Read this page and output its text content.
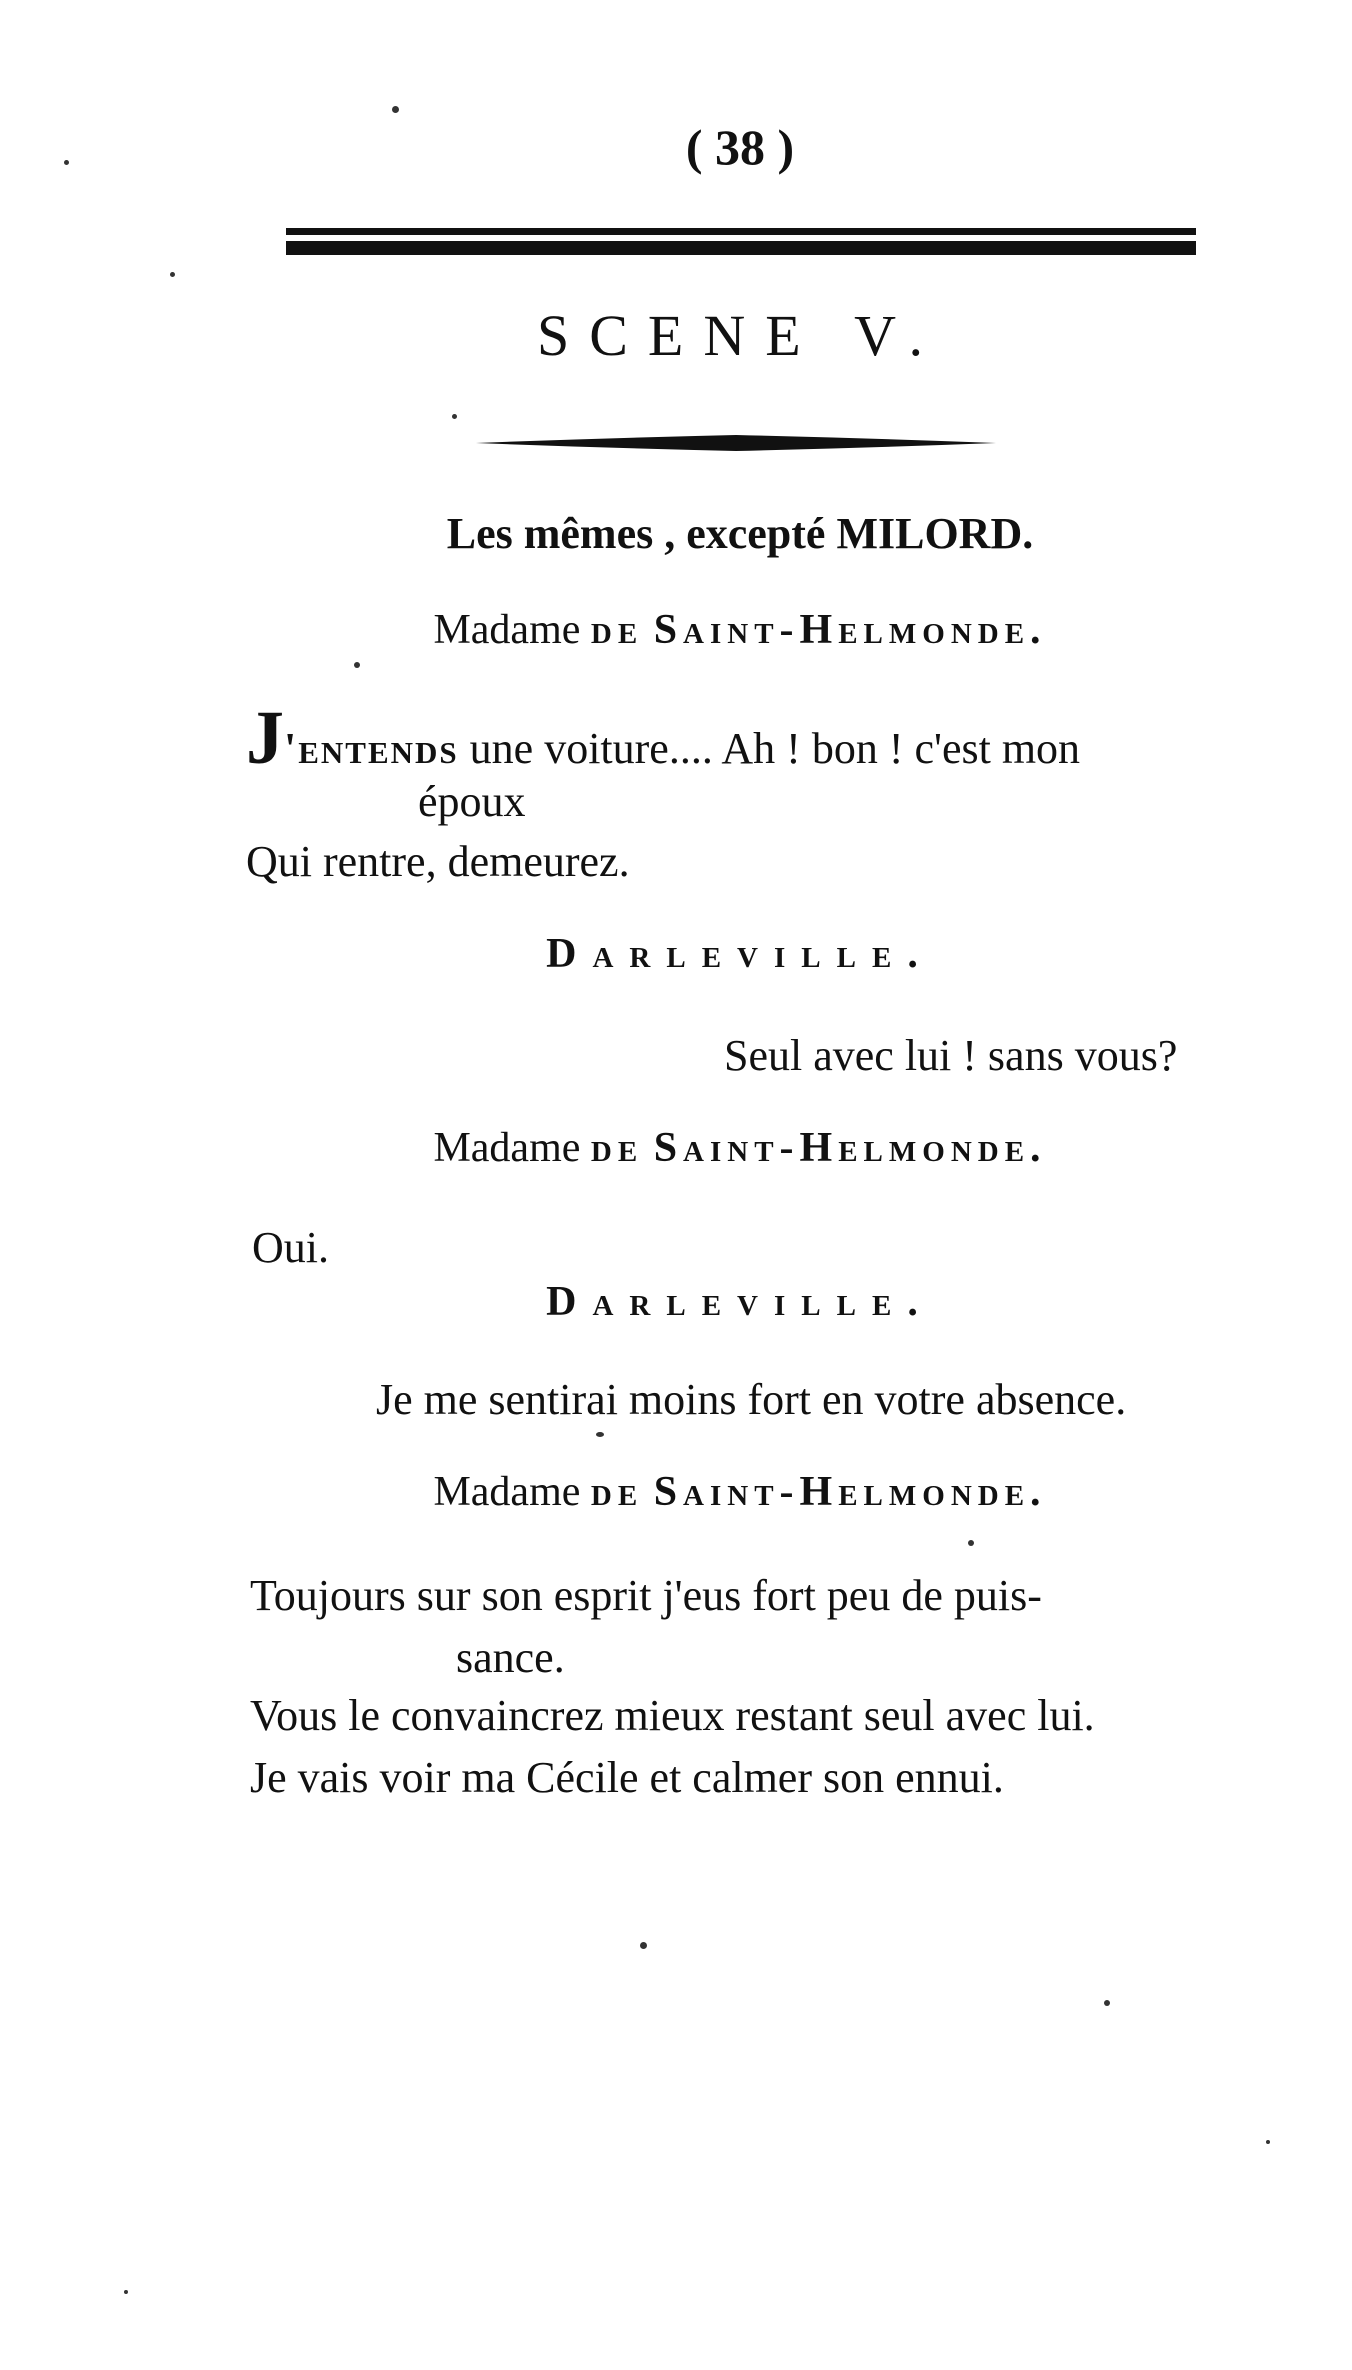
( 38 )
SCENE V.
Les mêmes , excepté MILORD.
Madame de Saint-Helmonde.
J'entends une voiture.... Ah ! bon ! c'est mon
époux
Qui rentre, demeurez.
Darleville.
Seul avec lui ! sans vous?
Madame de Saint-Helmonde.
Oui.
Darleville.
Je me sentirai moins fort en votre absence.
Madame de Saint-Helmonde.
Toujours sur son esprit j'eus fort peu de puis-
sance.
Vous le convaincrez mieux restant seul avec lui.
Je vais voir ma Cécile et calmer son ennui.
